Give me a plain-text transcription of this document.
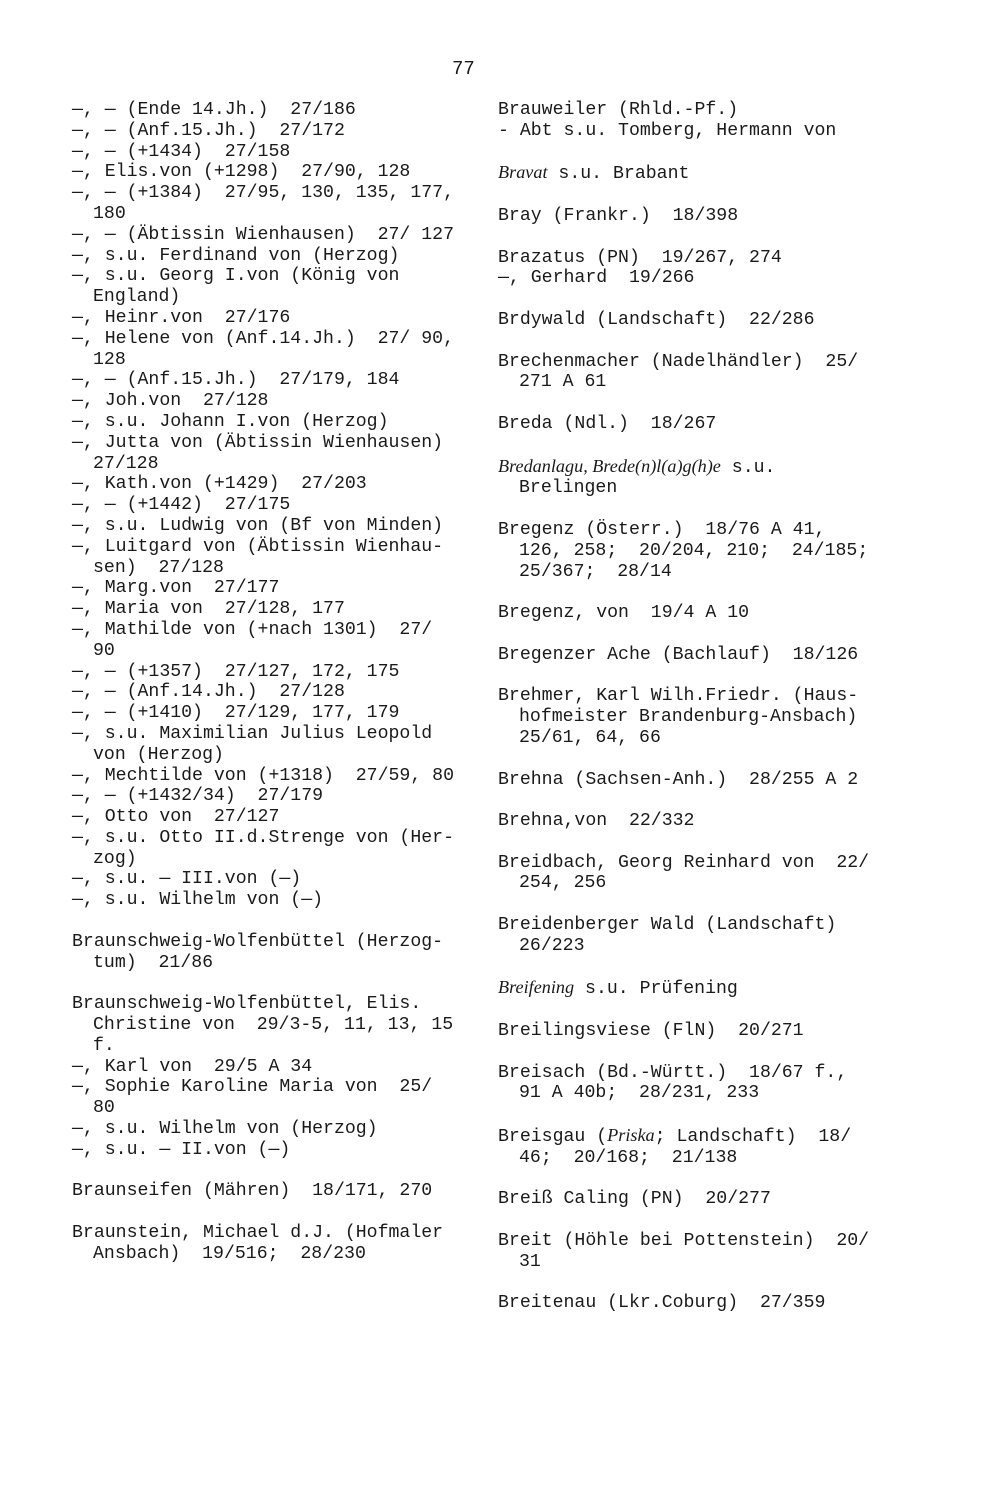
77
—, — (Ende 14.Jh.)  27/186
—, — (Anf.15.Jh.)  27/172
—, — (+1434)  27/158
—, Elis.von (+1298)  27/90, 128
—, — (+1384)  27/95, 130, 135, 177, 180
—, — (Äbtissin Wienhausen)  27/ 127
—, s.u. Ferdinand von (Herzog)
—, s.u. Georg I.von (König von England)
—, Heinr.von  27/176
—, Helene von (Anf.14.Jh.)  27/ 90, 128
—, — (Anf.15.Jh.)  27/179, 184
—, Joh.von  27/128
—, s.u. Johann I.von (Herzog)
—, Jutta von (Äbtissin Wienhausen) 27/128
—, Kath.von (+1429)  27/203
—, — (+1442)  27/175
—, s.u. Ludwig von (Bf von Minden)
—, Luitgard von (Äbtissin Wienhau- sen)  27/128
—, Marg.von  27/177
—, Maria von  27/128, 177
—, Mathilde von (+nach 1301)  27/ 90
—, — (+1357)  27/127, 172, 175
—, — (Anf.14.Jh.)  27/128
—, — (+1410)  27/129, 177, 179
—, s.u. Maximilian Julius Leopold von (Herzog)
—, Mechtilde von (+1318)  27/59, 80
—, — (+1432/34)  27/179
—, Otto von  27/127
—, s.u. Otto II.d.Strenge von (Her- zog)
—, s.u. — III.von (—)
—, s.u. Wilhelm von (—)
Braunschweig-Wolfenbüttel (Herzog- tum)  21/86
Braunschweig-Wolfenbüttel, Elis. Christine von  29/3-5, 11, 13, 15 f.
—, Karl von  29/5 A 34
—, Sophie Karoline Maria von  25/ 80
—, s.u. Wilhelm von (Herzog)
—, s.u. — II.von (—)
Braunseifen (Mähren)  18/171, 270
Braunstein, Michael d.J. (Hofmaler Ansbach)  19/516;  28/230
Brauweiler (Rhld.-Pf.)
- Abt s.u. Tomberg, Hermann von
Bravat s.u. Brabant
Bray (Frankr.)  18/398
Brazatus (PN)  19/267, 274
—, Gerhard  19/266
Brdywald (Landschaft)  22/286
Brechenmacher (Nadelhändler)  25/ 271 A 61
Breda (Ndl.)  18/267
Bredanlagu, Brede(n)l(a)g(h)e s.u. Brelingen
Bregenz (Österr.)  18/76 A 41, 126, 258;  20/204, 210;  24/185;  25/367;  28/14
Bregenz, von  19/4 A 10
Bregenzer Ache (Bachlauf)  18/126
Brehmer, Karl Wilh.Friedr. (Haus- hofmeister Brandenburg-Ansbach) 25/61, 64, 66
Brehna (Sachsen-Anh.)  28/255 A 2
Brehna,von  22/332
Breidbach, Georg Reinhard von  22/ 254, 256
Breidenberger Wald (Landschaft) 26/223
Breifening s.u. Prüfening
Breilingsviese (FlN)  20/271
Breisach (Bd.-Württ.)  18/67 f., 91 A 40b;  28/231, 233
Breisgau (Priska; Landschaft)  18/ 46;  20/168;  21/138
Breiß Caling (PN)  20/277
Breit (Höhle bei Pottenstein)  20/ 31
Breitenau (Lkr.Coburg)  27/359
